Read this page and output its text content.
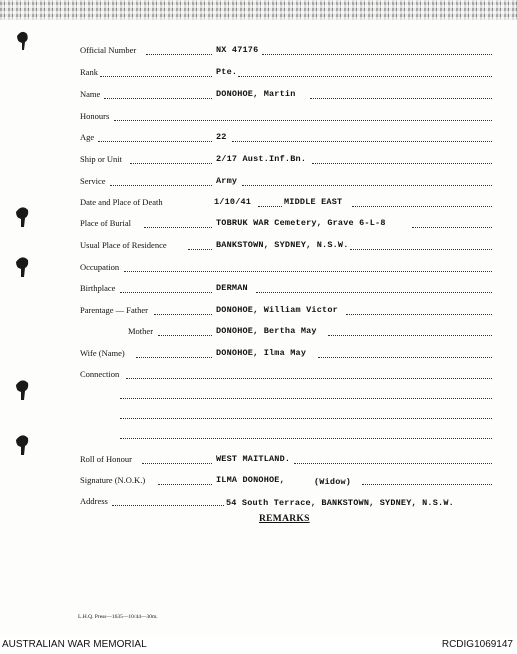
Official Number	NX 47176
Rank	Pte.
Name	DONOHOE, Martin
Honours
Age	22
Ship or Unit	2/17 Aust.Inf.Bn.
Service	Army
Date and Place of Death	1/10/41	MIDDLE EAST
Place of Burial	TOBRUK WAR Cemetery, Grave 6-L-8
Usual Place of Residence	BANKSTOWN, SYDNEY, N.S.W.
Occupation
Birthplace	DERMAN
Parentage — Father	DONOHOE, William Victor
Mother	DONOHOE, Bertha May
Wife (Name)	DONOHOE, Ilma May
Connection
Roll of Honour	WEST MAITLAND.
Signature (N.O.K.)	ILMA DONOHOE,	(Widow)
Address	54 South Terrace, BANKSTOWN, SYDNEY, N.S.W.
REMARKS
L.H.Q. Press—1635—10/44—30m.
AUSTRALIAN WAR MEMORIAL	RCDIG1069147
